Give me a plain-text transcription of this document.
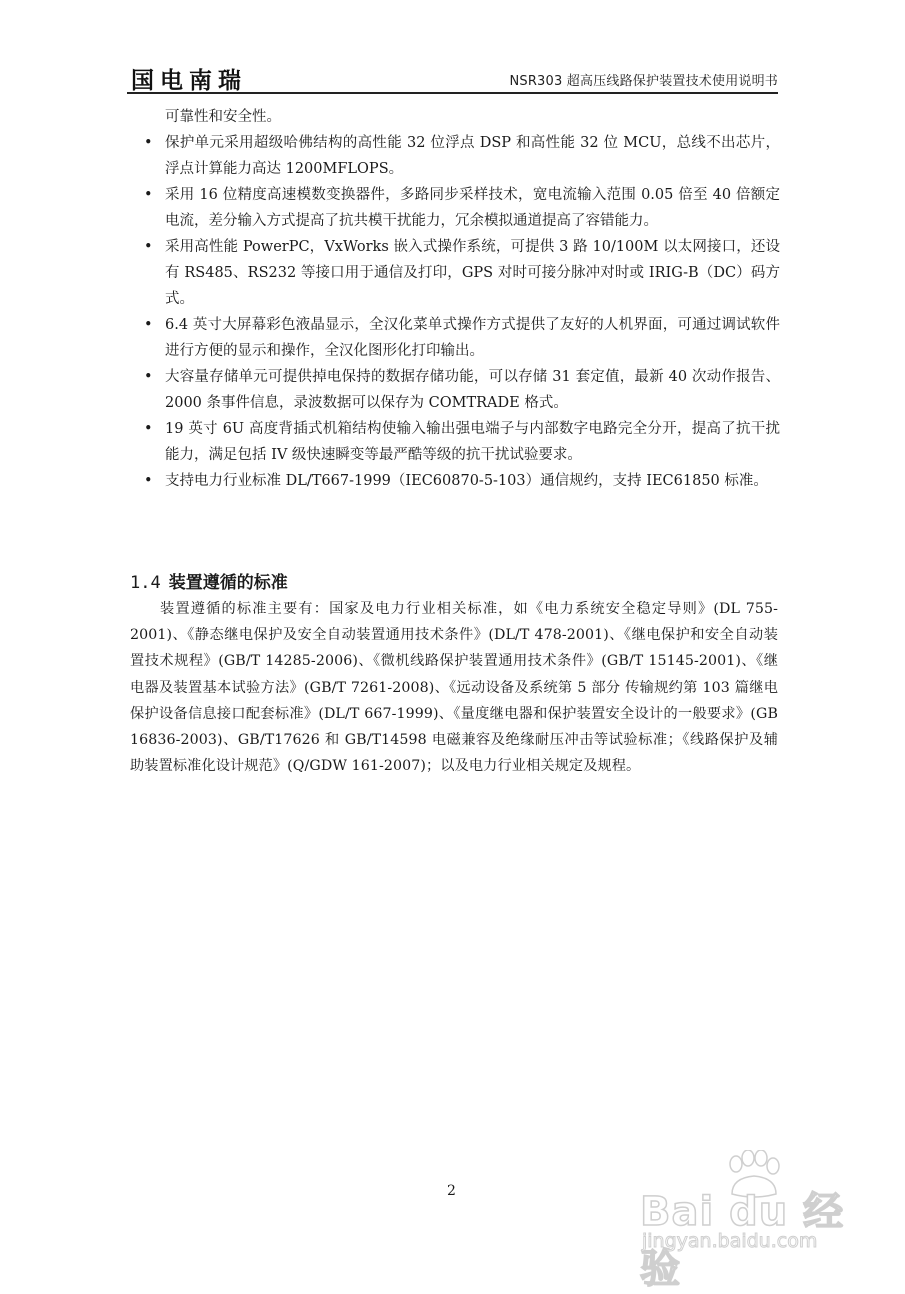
国电南瑞	NSR303 超高压线路保护装置技术使用说明书
可靠性和安全性。
• 保护单元采用超级哈佛结构的高性能 32 位浮点 DSP 和高性能 32 位 MCU，总线不出芯片，浮点计算能力高达 1200MFLOPS。
• 采用 16 位精度高速模数变换器件，多路同步采样技术，宽电流输入范围 0.05 倍至 40 倍额定电流，差分输入方式提高了抗共模干扰能力，冗余模拟通道提高了容错能力。
• 采用高性能 PowerPC，VxWorks 嵌入式操作系统，可提供 3 路 10/100M 以太网接口，还设有 RS485、RS232 等接口用于通信及打印，GPS 对时可接分脉冲对时或 IRIG-B（DC）码方式。
• 6.4 英寸大屏幕彩色液晶显示，全汉化菜单式操作方式提供了友好的人机界面，可通过调试软件进行方便的显示和操作，全汉化图形化打印输出。
• 大容量存储单元可提供掉电保持的数据存储功能，可以存储 31 套定值，最新 40 次动作报告、2000 条事件信息，录波数据可以保存为 COMTRADE 格式。
• 19 英寸 6U 高度背插式机箱结构使输入输出强电端子与内部数字电路完全分开，提高了抗干扰能力，满足包括 IV 级快速瞬变等最严酷等级的抗干扰试验要求。
• 支持电力行业标准 DL/T667-1999（IEC60870-5-103）通信规约，支持 IEC61850 标准。
1.4 装置遵循的标准
装置遵循的标准主要有：国家及电力行业相关标准，如《电力系统安全稳定导则》(DL 755-2001)、《静态继电保护及安全自动装置通用技术条件》(DL/T 478-2001)、《继电保护和安全自动装置技术规程》(GB/T 14285-2006)、《微机线路保护装置通用技术条件》(GB/T 15145-2001)、《继电器及装置基本试验方法》(GB/T 7261-2008)、《远动设备及系统第 5 部分 传输规约第 103 篇继电保护设备信息接口配套标准》(DL/T 667-1999)、《量度继电器和保护装置安全设计的一般要求》(GB 16836-2003)、GB/T17626 和 GB/T14598 电磁兼容及绝缘耐压冲击等试验标准；《线路保护及辅助装置标准化设计规范》(Q/GDW 161-2007)；以及电力行业相关规定及规程。
2	Bai du 经验
jingyan.baidu.com
